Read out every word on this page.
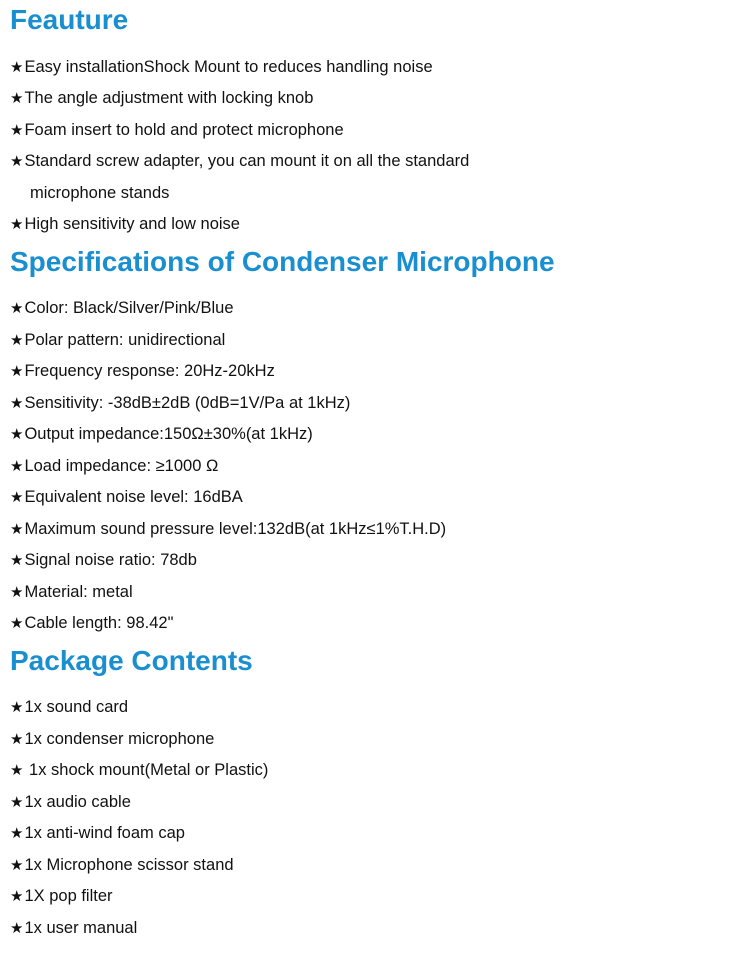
Feauture

★Easy installationShock Mount to reduces handling noise

★The angle adjustment with locking knob

★Foam insert to hold and protect microphone

★Standard screw adapter, you can mount it on all the standard

microphone stands

★High sensitivity and low noise

Specifications of Condenser Microphone

★Color: Black/Silver/Pink/Blue

★Polar pattern: unidirectional

★Frequency response: 20Hz-20kHz

★Sensitivity: -38dB±2dB (0dB=1V/Pa at 1kHz)

★Output impedance:150Ω±30%(at 1kHz)

★Load impedance: ≥1000 Ω

★Equivalent noise level: 16dBA

★Maximum sound pressure level:132dB(at 1kHz≤1%T.H.D)

★Signal noise ratio: 78db

★Material: metal

★Cable length: 98.42"

Package Contents

★1x sound card

★1x condenser microphone

★ 1x shock mount(Metal or Plastic)

★1x audio cable

★1x anti-wind foam cap

★1x Microphone scissor stand

★1X pop filter

★1x user manual
